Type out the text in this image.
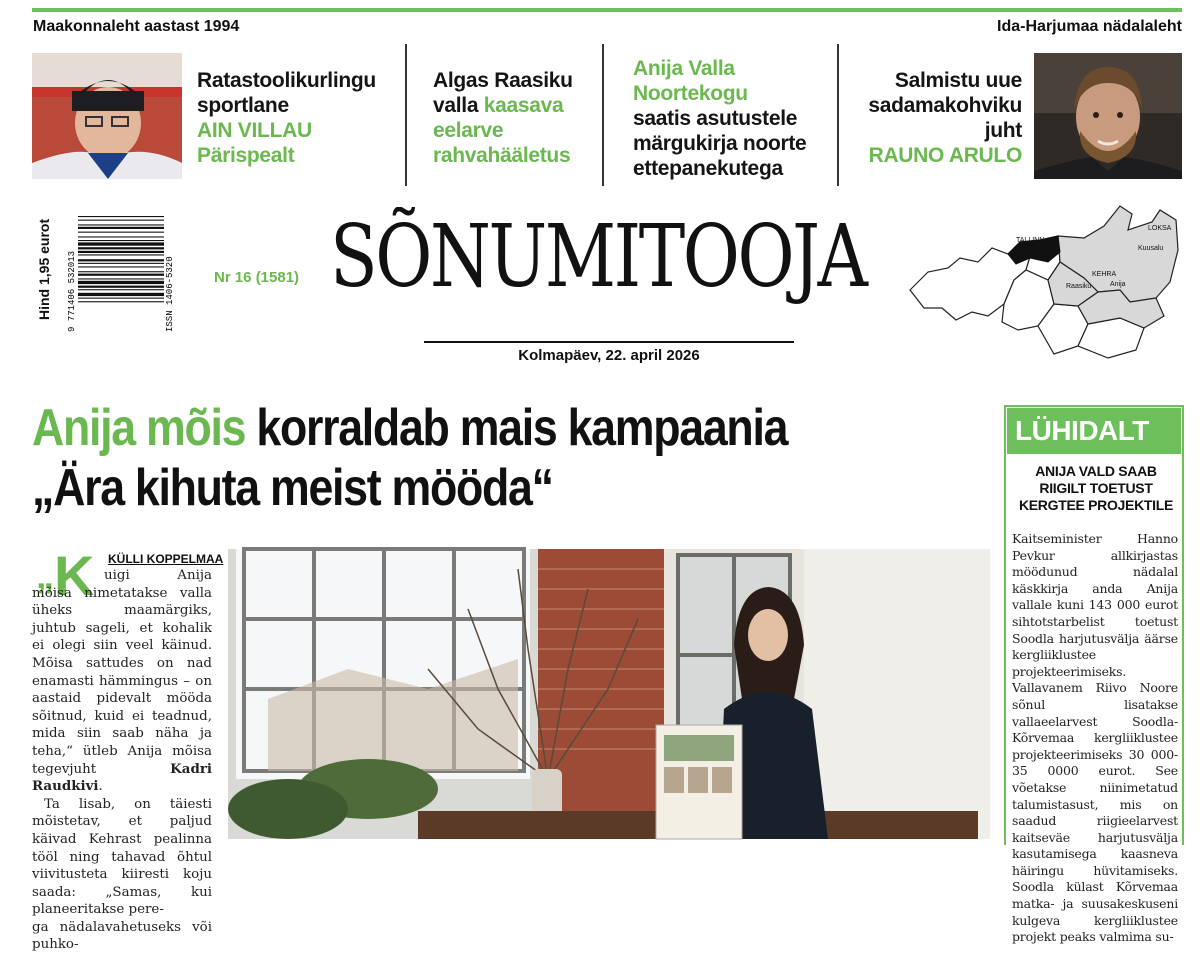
Maakonnaleht aastast 1994	Ida-Harjumaa nädalaleht
Ratastoolikurlingu
sportlane
AIN VILLAU
Pärispealt
Algas Raasiku
valla kaasava
eelarve
rahvahääletus
Anija Valla
Noortekogu
saatis asutustele
märgukirja noorte
ettepanekutega
Salmistu uue
sadamakohviku
juht
RAUNO ARULO
Hind 1,95 eurot 9 771406 532013	ISSN 1406-5320	Nr 16 (1581) SÕNUMITOOJA
Kolmapäev, 22. april 2026
TALLINN
LOKSA
Kuusalu
KEHRA
Raasiku	Anija
Anija mõis korraldab mais kampaania
„Ära kihuta meist mööda“
„K KÜLLI KOPPELMAA

uigi Anija mõisa nimetatakse valla üheks maamärgiks, juhtub sageli, et kohalik ei olegi siin veel käinud. Mõisa sattudes on nad enamasti hämmingus – on aastaid pidevalt mööda sõitnud, kuid ei teadnud, mida siin saab näha ja teha,“ ütleb Anija mõisa tegevjuht	Kadri Raudkivi.

Ta lisab, on täiesti mõistetav, et paljud käivad Kehrast pealinna tööl ning tahavad õhtul viivitusteta kiiresti koju saada: „Samas, kui planeeritakse pere-

ga nädalavahetuseks või puhko-

LÜHIDALT
ANIJA VALD SAAB RIIGILT TOETUST KERGTEE PROJEKTILE
Kaitseminister Hanno Pevkur allkirjastas möödunud nädalal käskkirja anda Anija vallale kuni 143 000 eurot sihtotstarbelist toetust Soodla harjutusvälja äärse kergliiklustee projekteerimiseks. Vallavanem Riivo Noore sõnul lisatakse vallaeelarvest Soodla-Kõrvemaa kergliiklustee projekteerimiseks 30 000-35 0000 eurot. See võetakse niinimetatud talumistasust, mis on saadud riigieelarvest kaitseväe harjutusvälja kasutamisega kaasneva häiringu hüvitamiseks. Soodla külast Kõrvemaa matka- ja suusakeskuseni kulgeva kergliiklustee projekt peaks valmima su-
